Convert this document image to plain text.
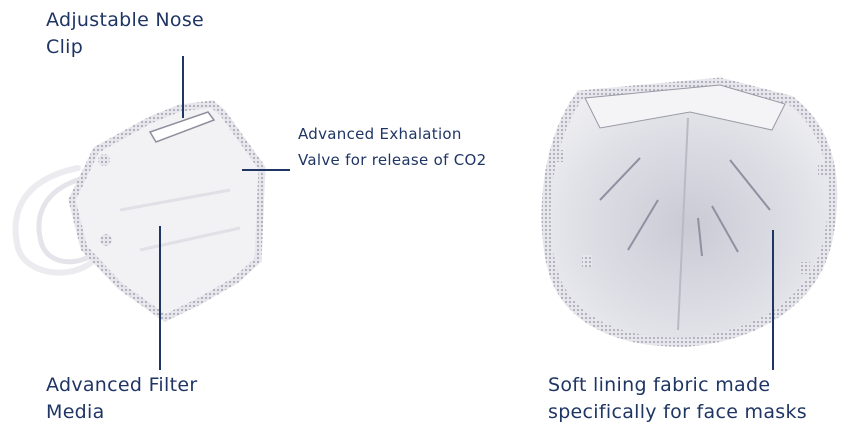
Adjustable Nose
Clip
Advanced Exhalation
Valve for release of CO2
Advanced Filter
Media
Soft lining fabric made
specifically for face masks
